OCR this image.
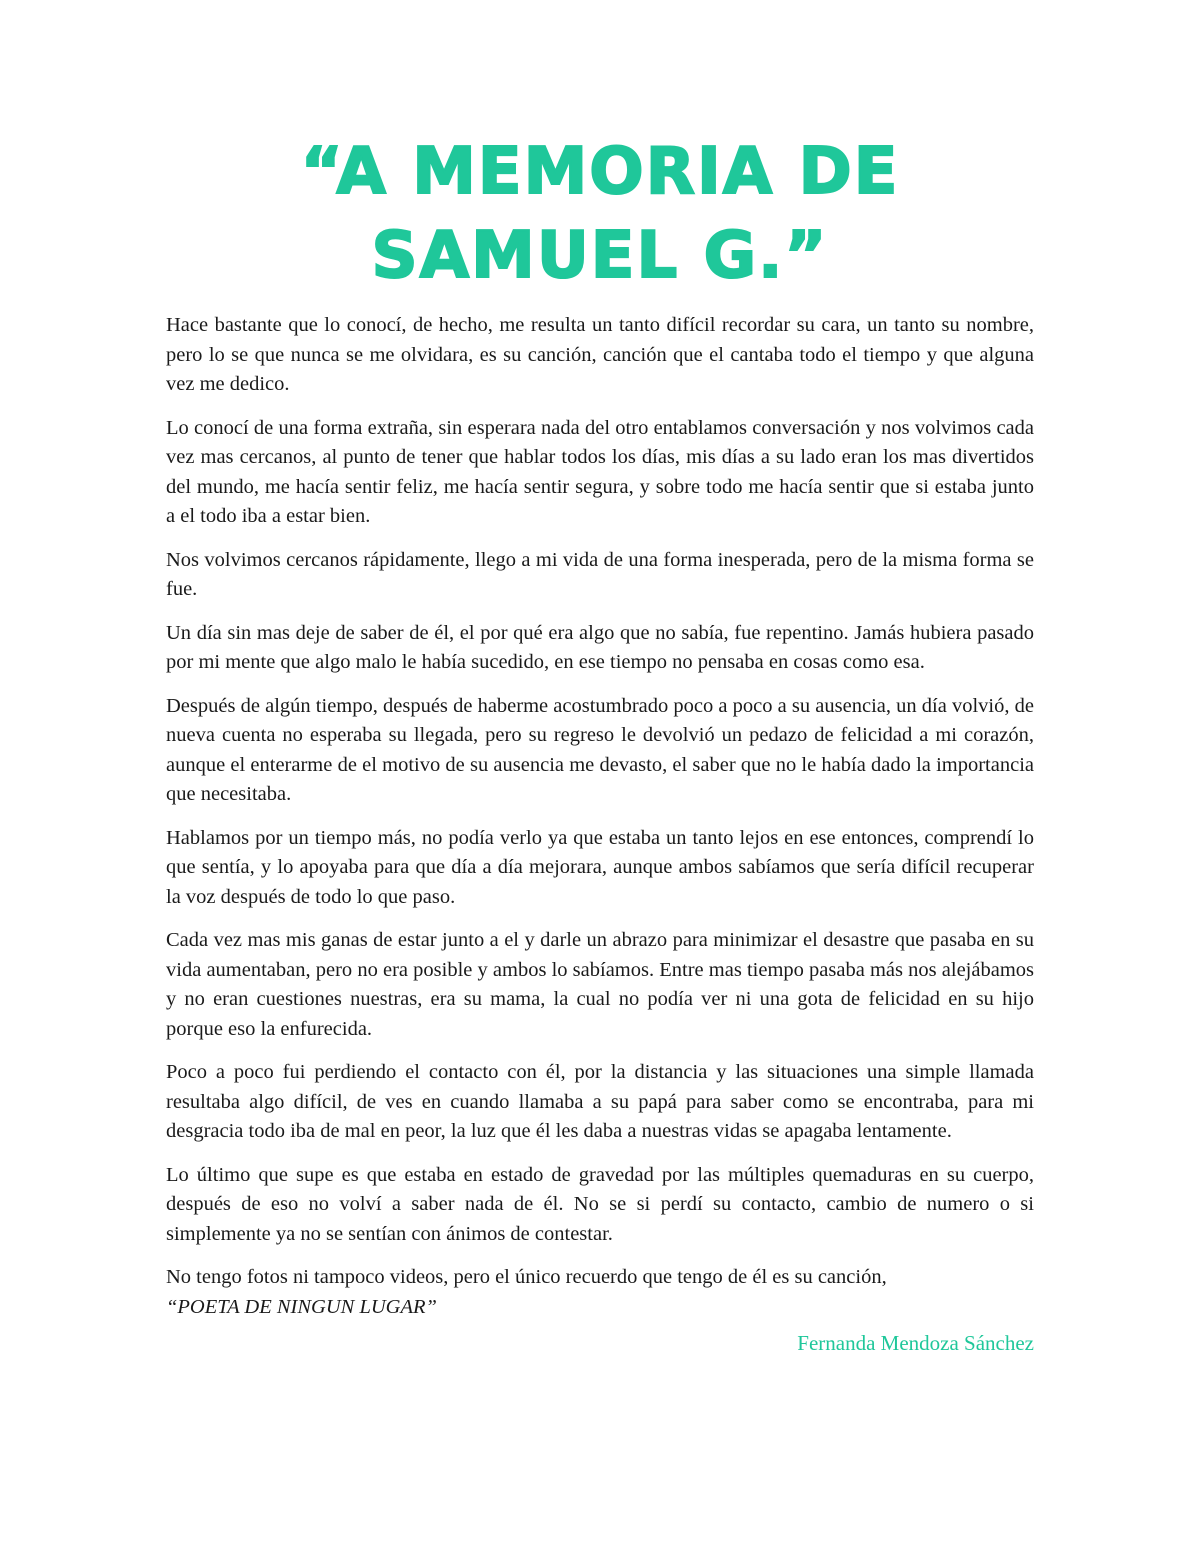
“A MEMORIA DE
SAMUEL G.”

Hace bastante que lo conocí, de hecho, me resulta un tanto difícil recordar su cara, un tanto su nombre, pero lo se que nunca se me olvidara, es su canción, canción que el cantaba todo el tiempo y que alguna vez me dedico.

Lo conocí de una forma extraña, sin esperara nada del otro entablamos conversación y nos volvimos cada vez mas cercanos, al punto de tener que hablar todos los días, mis días a su lado eran los mas divertidos del mundo, me hacía sentir feliz, me hacía sentir segura, y sobre todo me hacía sentir que si estaba junto a el todo iba a estar bien.

Nos volvimos cercanos rápidamente, llego a mi vida de una forma inesperada, pero de la misma forma se fue.

Un día sin mas deje de saber de él, el por qué era algo que no sabía, fue repentino. Jamás hubiera pasado por mi mente que algo malo le había sucedido, en ese tiempo no pensaba en cosas como esa.

Después de algún tiempo, después de haberme acostumbrado poco a poco a su ausencia, un día volvió, de nueva cuenta no esperaba su llegada, pero su regreso le devolvió un pedazo de felicidad a mi corazón, aunque el enterarme de el motivo de su ausencia me devasto, el saber que no le había dado la importancia que necesitaba.

Hablamos por un tiempo más, no podía verlo ya que estaba un tanto lejos en ese entonces, comprendí lo que sentía, y lo apoyaba para que día a día mejorara, aunque ambos sabíamos que sería difícil recuperar la voz después de todo lo que paso.

Cada vez mas mis ganas de estar junto a el y darle un abrazo para minimizar el desastre que pasaba en su vida aumentaban, pero no era posible y ambos lo sabíamos. Entre mas tiempo pasaba más nos alejábamos y no eran cuestiones nuestras, era su mama, la cual no podía ver ni una gota de felicidad en su hijo porque eso la enfurecida.

Poco a poco fui perdiendo el contacto con él, por la distancia y las situaciones una simple llamada resultaba algo difícil, de ves en cuando llamaba a su papá para saber como se encontraba, para mi desgracia todo iba de mal en peor, la luz que él les daba a nuestras vidas se apagaba lentamente.

Lo último que supe es que estaba en estado de gravedad por las múltiples quemaduras en su cuerpo, después de eso no volví a saber nada de él. No se si perdí su contacto, cambio de numero o si simplemente ya no se sentían con ánimos de contestar.

No tengo fotos ni tampoco videos, pero el único recuerdo que tengo de él es su canción,

“POETA DE NINGUN LUGAR”
Fernanda Mendoza Sánchez
